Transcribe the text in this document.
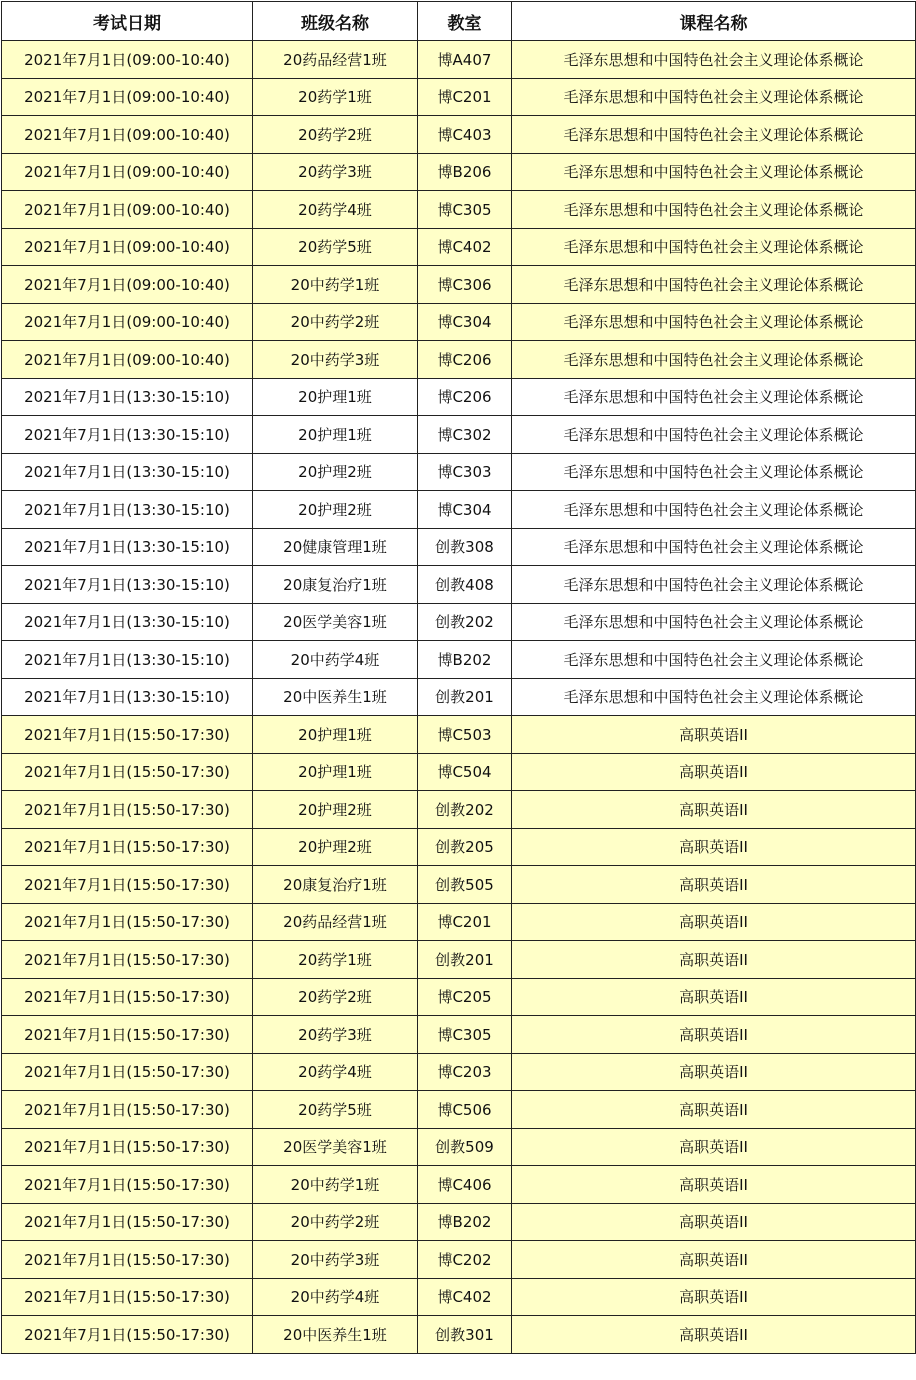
考试日期	班级名称	教室	课程名称
2021年7月1日(09:00-10:40)	20药品经营1班	博A407	毛泽东思想和中国特色社会主义理论体系概论
2021年7月1日(09:00-10:40)	20药学1班	博C201	毛泽东思想和中国特色社会主义理论体系概论
2021年7月1日(09:00-10:40)	20药学2班	博C403	毛泽东思想和中国特色社会主义理论体系概论
2021年7月1日(09:00-10:40)	20药学3班	博B206	毛泽东思想和中国特色社会主义理论体系概论
2021年7月1日(09:00-10:40)	20药学4班	博C305	毛泽东思想和中国特色社会主义理论体系概论
2021年7月1日(09:00-10:40)	20药学5班	博C402	毛泽东思想和中国特色社会主义理论体系概论
2021年7月1日(09:00-10:40)	20中药学1班	博C306	毛泽东思想和中国特色社会主义理论体系概论
2021年7月1日(09:00-10:40)	20中药学2班	博C304	毛泽东思想和中国特色社会主义理论体系概论
2021年7月1日(09:00-10:40)	20中药学3班	博C206	毛泽东思想和中国特色社会主义理论体系概论
2021年7月1日(13:30-15:10)	20护理1班	博C206	毛泽东思想和中国特色社会主义理论体系概论
2021年7月1日(13:30-15:10)	20护理1班	博C302	毛泽东思想和中国特色社会主义理论体系概论
2021年7月1日(13:30-15:10)	20护理2班	博C303	毛泽东思想和中国特色社会主义理论体系概论
2021年7月1日(13:30-15:10)	20护理2班	博C304	毛泽东思想和中国特色社会主义理论体系概论
2021年7月1日(13:30-15:10)	20健康管理1班	创教308	毛泽东思想和中国特色社会主义理论体系概论
2021年7月1日(13:30-15:10)	20康复治疗1班	创教408	毛泽东思想和中国特色社会主义理论体系概论
2021年7月1日(13:30-15:10)	20医学美容1班	创教202	毛泽东思想和中国特色社会主义理论体系概论
2021年7月1日(13:30-15:10)	20中药学4班	博B202	毛泽东思想和中国特色社会主义理论体系概论
2021年7月1日(13:30-15:10)	20中医养生1班	创教201	毛泽东思想和中国特色社会主义理论体系概论
2021年7月1日(15:50-17:30)	20护理1班	博C503	高职英语II
2021年7月1日(15:50-17:30)	20护理1班	博C504	高职英语II
2021年7月1日(15:50-17:30)	20护理2班	创教202	高职英语II
2021年7月1日(15:50-17:30)	20护理2班	创教205	高职英语II
2021年7月1日(15:50-17:30)	20康复治疗1班	创教505	高职英语II
2021年7月1日(15:50-17:30)	20药品经营1班	博C201	高职英语II
2021年7月1日(15:50-17:30)	20药学1班	创教201	高职英语II
2021年7月1日(15:50-17:30)	20药学2班	博C205	高职英语II
2021年7月1日(15:50-17:30)	20药学3班	博C305	高职英语II
2021年7月1日(15:50-17:30)	20药学4班	博C203	高职英语II
2021年7月1日(15:50-17:30)	20药学5班	博C506	高职英语II
2021年7月1日(15:50-17:30)	20医学美容1班	创教509	高职英语II
2021年7月1日(15:50-17:30)	20中药学1班	博C406	高职英语II
2021年7月1日(15:50-17:30)	20中药学2班	博B202	高职英语II
2021年7月1日(15:50-17:30)	20中药学3班	博C202	高职英语II
2021年7月1日(15:50-17:30)	20中药学4班	博C402	高职英语II
2021年7月1日(15:50-17:30)	20中医养生1班	创教301	高职英语II
